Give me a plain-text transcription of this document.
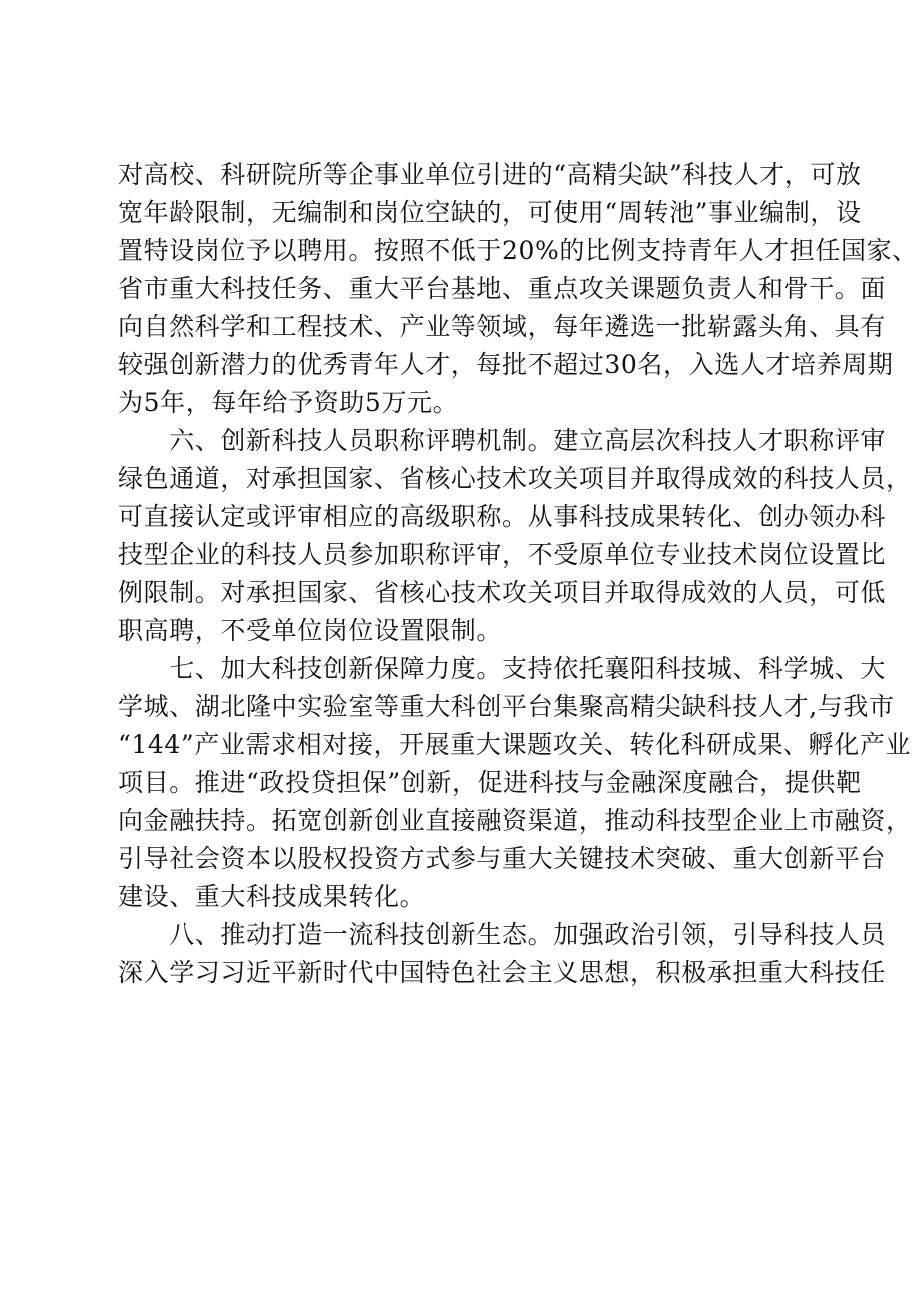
对高校、科研院所等企事业单位引进的“高精尖缺”科技人才，可放
宽年龄限制，无编制和岗位空缺的，可使用“周转池”事业编制，设
置特设岗位予以聘用。按照不低于20%的比例支持青年人才担任国家、
省市重大科技任务、重大平台基地、重点攻关课题负责人和骨干。面
向自然科学和工程技术、产业等领域，每年遴选一批崭露头角、具有
较强创新潜力的优秀青年人才，每批不超过30名，入选人才培养周期
为5年，每年给予资助5万元。

　　六、创新科技人员职称评聘机制。建立高层次科技人才职称评审
绿色通道，对承担国家、省核心技术攻关项目并取得成效的科技人员，
可直接认定或评审相应的高级职称。从事科技成果转化、创办领办科
技型企业的科技人员参加职称评审，不受原单位专业技术岗位设置比
例限制。对承担国家、省核心技术攻关项目并取得成效的人员，可低
职高聘，不受单位岗位设置限制。

　　七、加大科技创新保障力度。支持依托襄阳科技城、科学城、大
学城、湖北隆中实验室等重大科创平台集聚高精尖缺科技人才,与我市
“144”产业需求相对接，开展重大课题攻关、转化科研成果、孵化产业
项目。推进“政投贷担保”创新，促进科技与金融深度融合，提供靶
向金融扶持。拓宽创新创业直接融资渠道，推动科技型企业上市融资，
引导社会资本以股权投资方式参与重大关键技术突破、重大创新平台
建设、重大科技成果转化。

　　八、推动打造一流科技创新生态。加强政治引领，引导科技人员
深入学习习近平新时代中国特色社会主义思想，积极承担重大科技任
